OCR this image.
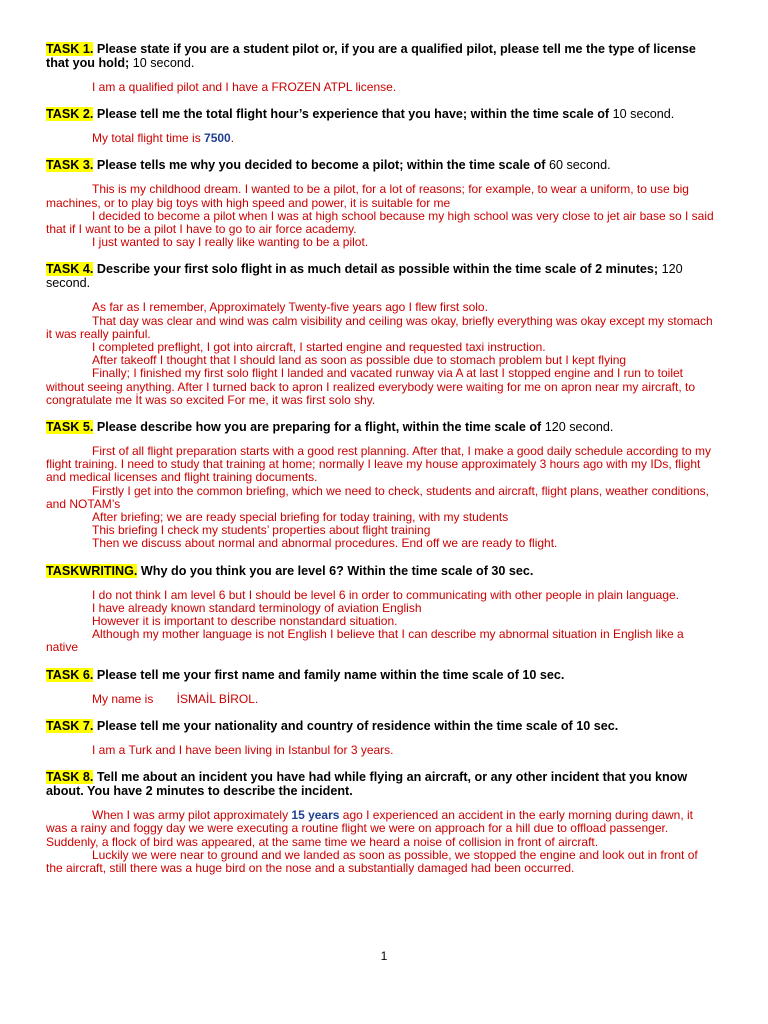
TASK 1. Please state if you are a student pilot or, if you are a qualified pilot, please tell me the type of license that you hold; 10 second.

I am a qualified pilot and I have a FROZEN ATPL license.

TASK 2. Please tell me the total flight hour’s experience that you have; within the time scale of 10 second.

My total flight time is 7500.

TASK 3. Please tells me why you decided to become a pilot; within the time scale of 60 second.

This is my childhood dream. I wanted to be a pilot, for a lot of reasons; for example, to wear a uniform, to use big machines, or to play big toys with high speed and power, it is suitable for me

I decided to become a pilot when I was at high school because my high school was very close to jet air base so I said that if I want to be a pilot I have to go to air force academy.

I just wanted to say I really like wanting to be a pilot.

TASK 4. Describe your first solo flight in as much detail as possible within the time scale of 2 minutes; 120 second.

As far as I remember, Approximately Twenty-five years ago I flew first solo.

That day was clear and wind was calm visibility and ceiling was okay, briefly everything was okay except my stomach it was really painful.

I completed preflight, I got into aircraft, I started engine and requested taxi instruction.

After takeoff I thought that I should land as soon as possible due to stomach problem but I kept flying

Finally; I finished my first solo flight I landed and vacated runway via A at last I stopped engine and I run to toilet without seeing anything. After I turned back to apron I realized everybody were waiting for me on apron near my aircraft, to congratulate me İt was so excited For me, it was first solo shy.

TASK 5. Please describe how you are preparing for a flight, within the time scale of 120 second.

First of all flight preparation starts with a good rest planning. After that, I make a good daily schedule according to my flight training. I need to study that training at home; normally I leave my house approximately 3 hours ago with my IDs, flight and medical licenses and flight training documents.

Firstly I get into the common briefing, which we need to check, students and aircraft, flight plans, weather conditions, and NOTAM’s

After briefing; we are ready special briefing for today training, with my students

This briefing I check my students’ properties about flight training

Then we discuss about normal and abnormal procedures. End off we are ready to flight.

TASKWRITING. Why do you think you are level 6? Within the time scale of 30 sec.

I do not think I am level 6 but I should be level 6 in order to communicating with other people in plain language.

I have already known standard terminology of aviation English

However it is important to describe nonstandard situation.

Although my mother language is not English I believe that I can describe my abnormal situation in English like a native

TASK 6. Please tell me your first name and family name within the time scale of 10 sec.

My name is       İSMAİL BİROL.

TASK 7. Please tell me your nationality and country of residence within the time scale of 10 sec.

I am a Turk and I have been living in Istanbul for 3 years.

TASK 8. Tell me about an incident you have had while flying an aircraft, or any other incident that you know about. You have 2 minutes to describe the incident.

When I was army pilot approximately 15 years ago I experienced an accident in the early morning during dawn, it was a rainy and foggy day we were executing a routine flight we were on approach for a hill due to offload passenger. Suddenly, a flock of bird was appeared, at the same time we heard a noise of collision in front of aircraft.

Luckily we were near to ground and we landed as soon as possible, we stopped the engine and look out in front of the aircraft, still there was a huge bird on the nose and a substantially damaged had been occurred.

1
